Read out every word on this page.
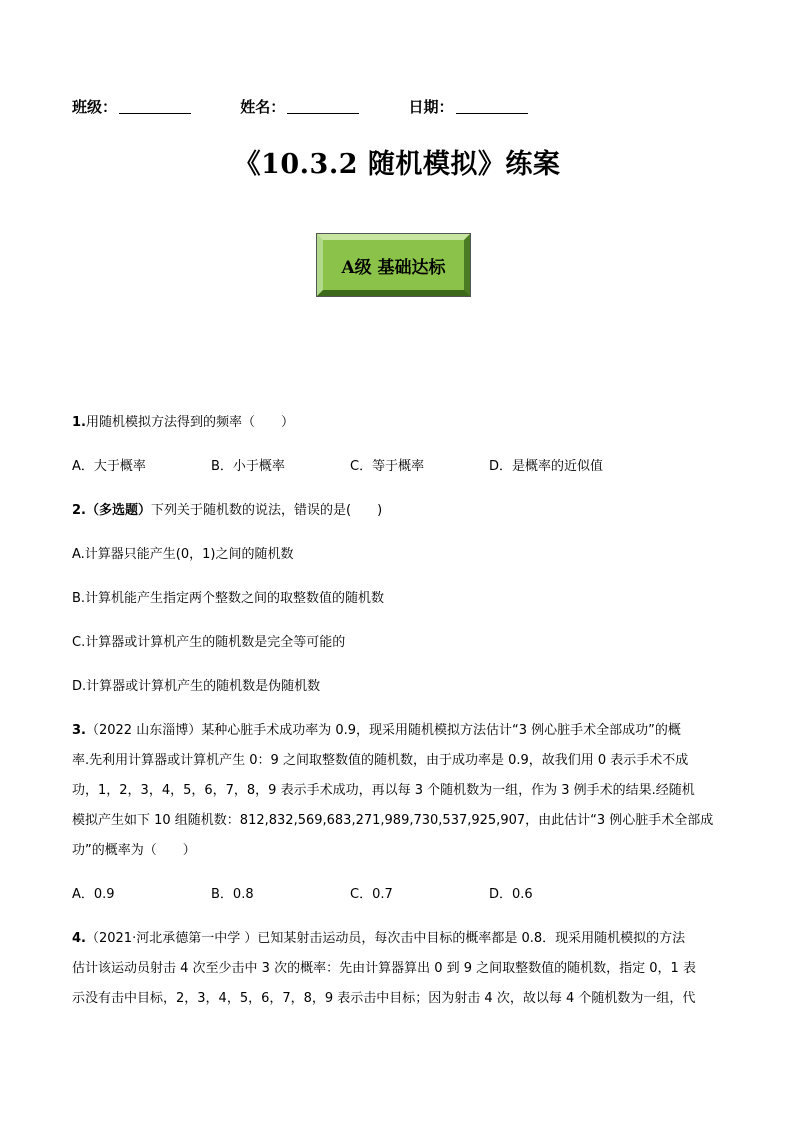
班级：	姓名：	日期：
《10.3.2 随机模拟》练案
A级 基础达标

1.用随机模拟方法得到的频率（　　）

A．大于概率	B．小于概率	C．等于概率	D．是概率的近似值

2.（多选题）下列关于随机数的说法，错误的是(　　)

A.计算器只能产生(0，1)之间的随机数

B.计算机能产生指定两个整数之间的取整数值的随机数

C.计算器或计算机产生的随机数是完全等可能的

D.计算器或计算机产生的随机数是伪随机数

3.（2022 山东淄博）某种心脏手术成功率为 0.9，现采用随机模拟方法估计“3 例心脏手术全部成功”的概

率.先利用计算器或计算机产生 0：9 之间取整数值的随机数，由于成功率是 0.9，故我们用 0 表示手术不成

功，1，2，3，4，5，6，7，8，9 表示手术成功，再以每 3 个随机数为一组，作为 3 例手术的结果.经随机

模拟产生如下 10 组随机数：812,832,569,683,271,989,730,537,925,907，由此估计“3 例心脏手术全部成

功”的概率为（　　）

A．0.9	B．0.8	C．0.7	D．0.6

4.（2021·河北承德第一中学 ）已知某射击运动员，每次击中目标的概率都是 0.8．现采用随机模拟的方法

估计该运动员射击 4 次至少击中 3 次的概率：先由计算器算出 0 到 9 之间取整数值的随机数，指定 0，1 表

示没有击中目标，2，3，4，5，6，7，8，9 表示击中目标；因为射击 4 次，故以每 4 个随机数为一组，代
